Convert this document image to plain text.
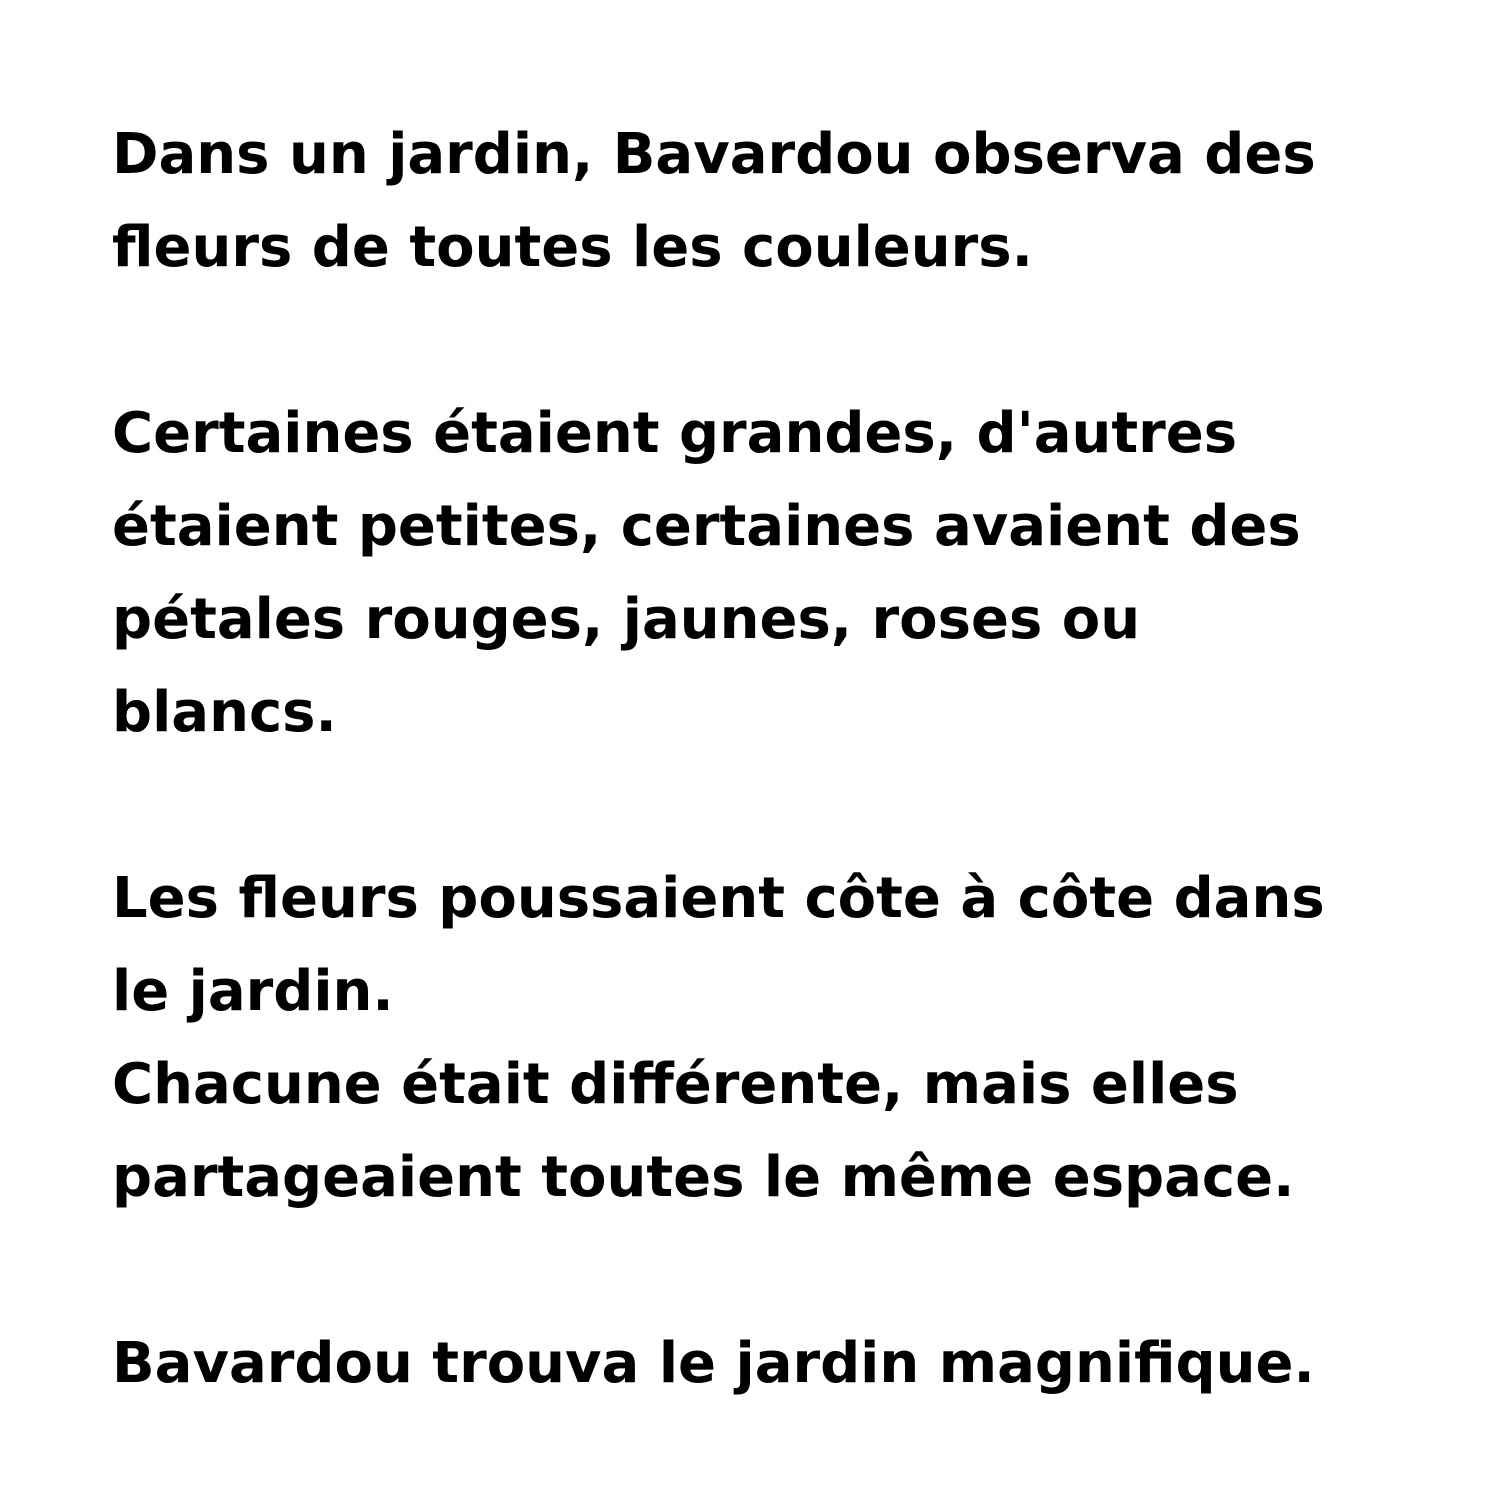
Dans un jardin, Bavardou observa des
fleurs de toutes les couleurs.

Certaines étaient grandes, d'autres
étaient petites, certaines avaient des
pétales rouges, jaunes, roses ou
blancs.

Les fleurs poussaient côte à côte dans
le jardin.
Chacune était différente, mais elles
partageaient toutes le même espace.

Bavardou trouva le jardin magnifique.
